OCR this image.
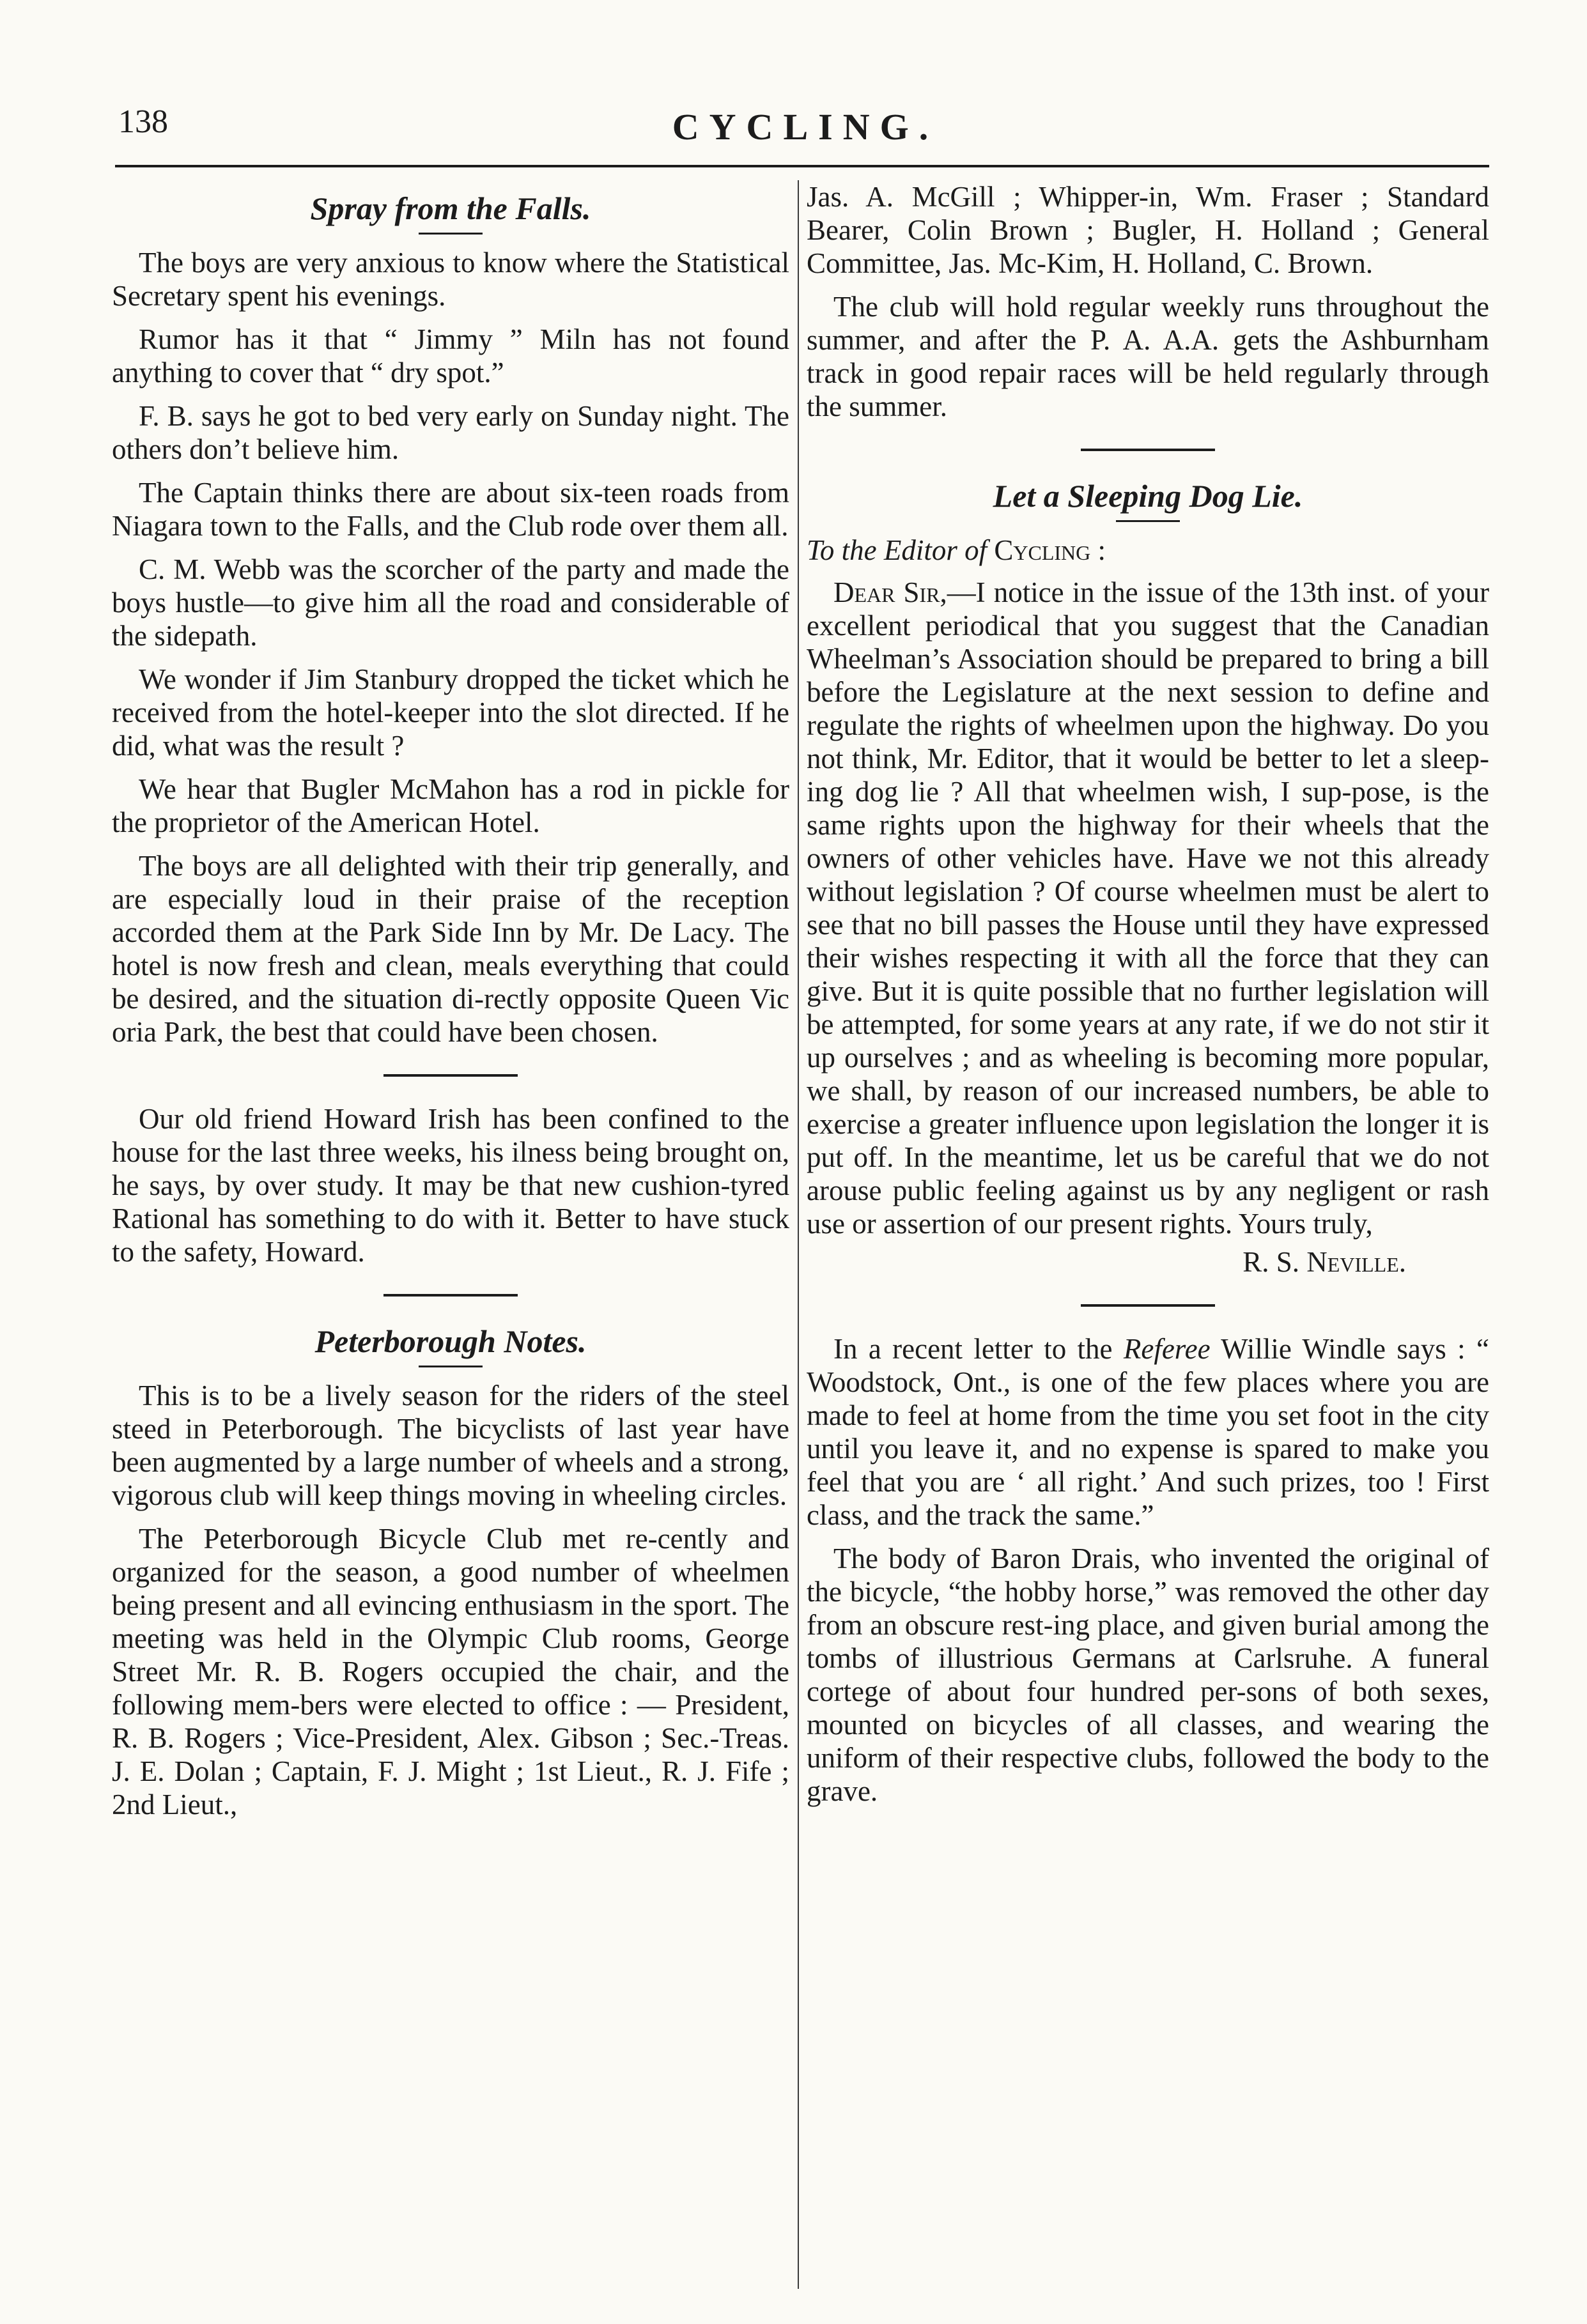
138	CYCLING.
Spray from the Falls.

The boys are very anxious to know where the Statistical Secretary spent his evenings.

Rumor has it that “ Jimmy ” Miln has not found anything to cover that “ dry spot.”

F. B. says he got to bed very early on Sunday night. The others don’t believe him.

The Captain thinks there are about six-teen roads from Niagara town to the Falls, and the Club rode over them all.

C. M. Webb was the scorcher of the party and made the boys hustle—to give him all the road and considerable of the sidepath.

We wonder if Jim Stanbury dropped the ticket which he received from the hotel-keeper into the slot directed. If he did, what was the result ?

We hear that Bugler McMahon has a rod in pickle for the proprietor of the American Hotel.

The boys are all delighted with their trip generally, and are especially loud in their praise of the reception accorded them at the Park Side Inn by Mr. De Lacy. The hotel is now fresh and clean, meals everything that could be desired, and the situation di-rectly opposite Queen Vic oria Park, the best that could have been chosen.

Our old friend Howard Irish has been confined to the house for the last three weeks, his ilness being brought on, he says, by over study. It may be that new cushion-tyred Rational has something to do with it. Better to have stuck to the safety, Howard.

Peterborough Notes.

This is to be a lively season for the riders of the steel steed in Peterborough. The bicyclists of last year have been augmented by a large number of wheels and a strong, vigorous club will keep things moving in wheeling circles.

The Peterborough Bicycle Club met re-cently and organized for the season, a good number of wheelmen being present and all evincing enthusiasm in the sport. The meeting was held in the Olympic Club rooms, George Street Mr. R. B. Rogers occupied the chair, and the following mem-bers were elected to office : — President, R. B. Rogers ; Vice-President, Alex. Gibson ; Sec.-Treas. J. E. Dolan ; Captain, F. J. Might ; 1st Lieut., R. J. Fife ; 2nd Lieut.,

Jas. A. McGill ; Whipper-in, Wm. Fraser ; Standard Bearer, Colin Brown ; Bugler, H. Holland ; General Committee, Jas. Mc-Kim, H. Holland, C. Brown.

The club will hold regular weekly runs throughout the summer, and after the P. A. A.A. gets the Ashburnham track in good repair races will be held regularly through the summer.

Let a Sleeping Dog Lie.

To the Editor of Cycling :

Dear Sir,—I notice in the issue of the 13th inst. of your excellent periodical that you suggest that the Canadian Wheelman’s Association should be prepared to bring a bill before the Legislature at the next session to define and regulate the rights of wheelmen upon the highway. Do you not think, Mr. Editor, that it would be better to let a sleep-ing dog lie ? All that wheelmen wish, I sup-pose, is the same rights upon the highway for their wheels that the owners of other vehicles have. Have we not this already without legislation ? Of course wheelmen must be alert to see that no bill passes the House until they have expressed their wishes respecting it with all the force that they can give. But it is quite possible that no further legislation will be attempted, for some years at any rate, if we do not stir it up ourselves ; and as wheeling is becoming more popular, we shall, by reason of our increased numbers, be able to exercise a greater influence upon legislation the longer it is put off. In the meantime, let us be careful that we do not arouse public feeling against us by any negligent or rash use or assertion of our present rights. Yours truly,

R. S. Neville.

In a recent letter to the Referee Willie Windle says : “ Woodstock, Ont., is one of the few places where you are made to feel at home from the time you set foot in the city until you leave it, and no expense is spared to make you feel that you are ‘ all right.’ And such prizes, too ! First class, and the track the same.”

The body of Baron Drais, who invented the original of the bicycle, “the hobby horse,” was removed the other day from an obscure rest-ing place, and given burial among the tombs of illustrious Germans at Carlsruhe. A funeral cortege of about four hundred per-sons of both sexes, mounted on bicycles of all classes, and wearing the uniform of their respective clubs, followed the body to the grave.
